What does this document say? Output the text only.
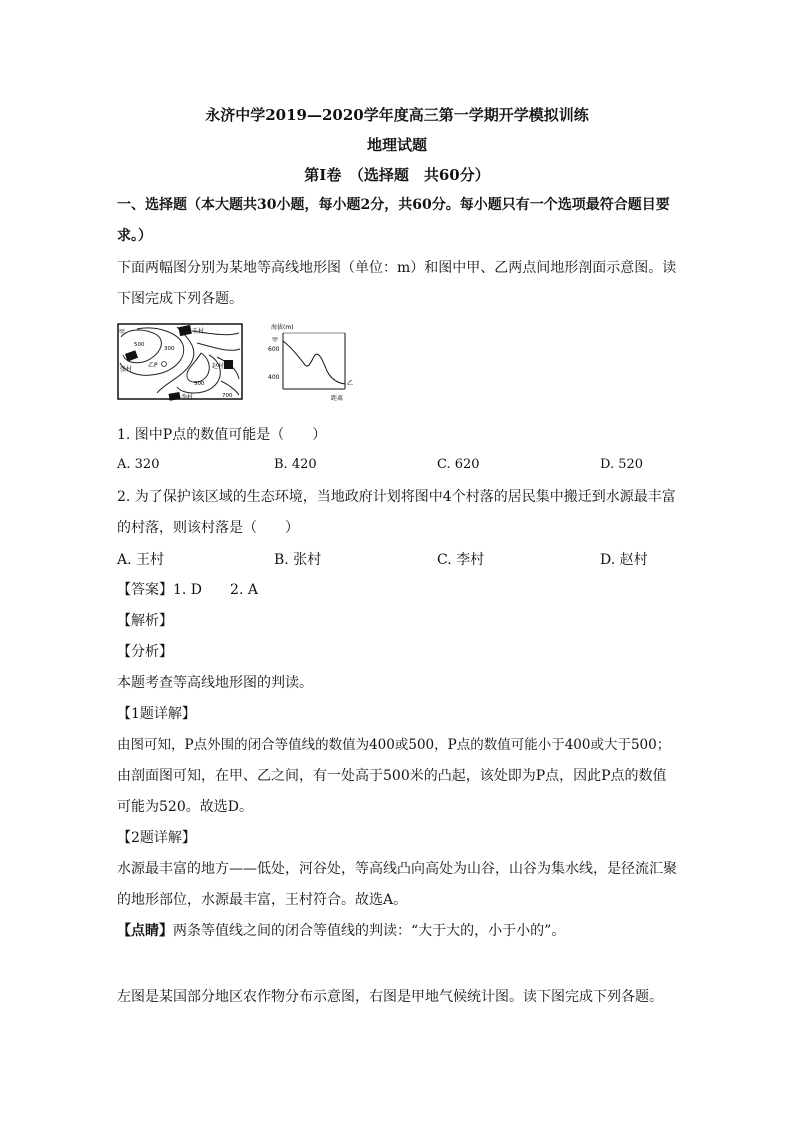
永济中学2019—2020学年度高三第一学期开学模拟训练
地理试题
第Ⅰ卷　（选择题　共60分）
一、选择题（本大题共30小题，每小题2分，共60分。每小题只有一个选项最符合题目要
求。）
下面两幅图分别为某地等高线地形图（单位：m）和图中甲、乙两点间地形剖面示意图。读
下图完成下列各题。
甲	王村
500
300
张村
乙 P	赵村
500
李村	700
海拔(m)
甲
600
400
乙
距离
1. 图中P点的数值可能是（　　）
A. 320	B. 420	C. 620	D. 520
2. 为了保护该区域的生态环境，当地政府计划将图中4个村落的居民集中搬迁到水源最丰富
的村落，则该村落是（　　）
A. 王村	B. 张村	C. 李村	D. 赵村
【答案】1. D　　2. A
【解析】
【分析】
本题考查等高线地形图的判读。
【1题详解】
由图可知，P点外围的闭合等值线的数值为400或500，P点的数值可能小于400或大于500；
由剖面图可知，在甲、乙之间，有一处高于500米的凸起，该处即为P点，因此P点的数值
可能为520。故选D。
【2题详解】
水源最丰富的地方——低处，河谷处，等高线凸向高处为山谷，山谷为集水线，是径流汇聚
的地形部位，水源最丰富，王村符合。故选A。
【点睛】两条等值线之间的闭合等值线的判读：“大于大的，小于小的”。
左图是某国部分地区农作物分布示意图，右图是甲地气候统计图。读下图完成下列各题。
